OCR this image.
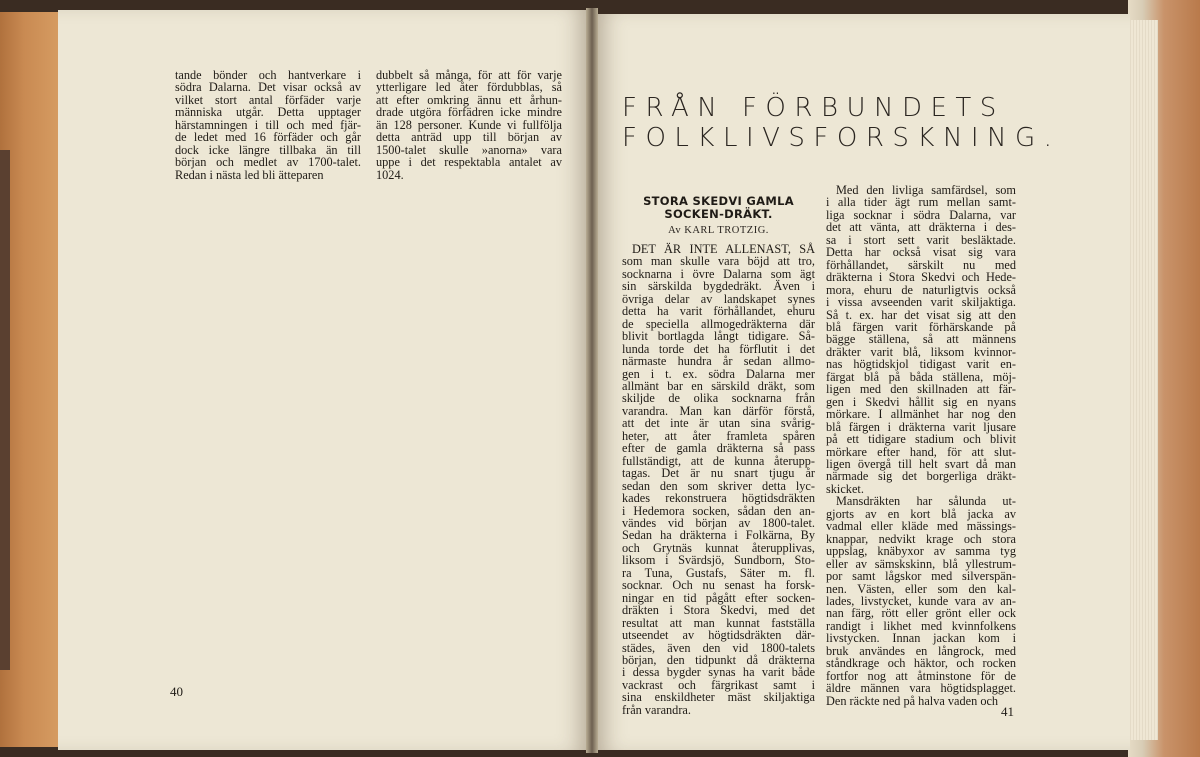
tande bönder och hantverkare i
södra Dalarna. Det visar också av
vilket stort antal förfäder varje
människa utgår. Detta upptager
härstamningen i till och med fjär-
de ledet med 16 förfäder och går
dock icke längre tillbaka än till
början och medlet av 1700-talet.
Redan i nästa led bli ätteparen
dubbelt så många, för att för varje
ytterligare led åter fördubblas, så
att efter omkring ännu ett århun-
drade utgöra förfädren icke mindre
än 128 personer. Kunde vi fullfölja
detta anträd upp till början av
1500-talet skulle »anorna» vara
uppe i det respektabla antalet av
1024.
40
FRÅN FÖRBUNDETS
FOLKLIVSFORSKNING.
STORA SKEDVI GAMLA SOCKEN-DRÄKT.
Av KARL TROTZIG.
DET ÄR INTE ALLENAST, SÅ
som man skulle vara böjd att tro,
socknarna i övre Dalarna som ägt
sin särskilda bygdedräkt. Även i
övriga delar av landskapet synes
detta ha varit förhållandet, ehuru
de speciella allmogedräkterna där
blivit bortlagda långt tidigare. Så-
lunda torde det ha förflutit i det
närmaste hundra år sedan allmo-
gen i t. ex. södra Dalarna mer
allmänt bar en särskild dräkt, som
skiljde de olika socknarna från
varandra. Man kan därför förstå,
att det inte är utan sina svårig-
heter, att åter framleta spåren
efter de gamla dräkterna så pass
fullständigt, att de kunna återupp-
tagas. Det är nu snart tjugu år
sedan den som skriver detta lyc-
kades rekonstruera högtidsdräkten
i Hedemora socken, sådan den an-
vändes vid början av 1800-talet.
Sedan ha dräkterna i Folkärna, By
och Grytnäs kunnat återupplivas,
liksom i Svärdsjö, Sundborn, Sto-
ra Tuna, Gustafs, Säter m. fl.
socknar. Och nu senast ha forsk-
ningar en tid pågått efter socken-
dräkten i Stora Skedvi, med det
resultat att man kunnat fastställa
utseendet av högtidsdräkten där-
städes, även den vid 1800-talets
början, den tidpunkt då dräkterna
i dessa bygder synas ha varit både
vackrast och färgrikast samt i
sina enskildheter mäst skiljaktiga
från varandra.
Med den livliga samfärdsel, som
i alla tider ägt rum mellan samt-
liga socknar i södra Dalarna, var
det att vänta, att dräkterna i des-
sa i stort sett varit besläktade.
Detta har också visat sig vara
förhållandet, särskilt nu med
dräkterna i Stora Skedvi och Hede-
mora, ehuru de naturligtvis också
i vissa avseenden varit skiljaktiga.
Så t. ex. har det visat sig att den
blå färgen varit förhärskande på
bägge ställena, så att männens
dräkter varit blå, liksom kvinnor-
nas högtidskjol tidigast varit en-
färgat blå på båda ställena, möj-
ligen med den skillnaden att fär-
gen i Skedvi hållit sig en nyans
mörkare. I allmänhet har nog den
blå färgen i dräkterna varit ljusare
på ett tidigare stadium och blivit
mörkare efter hand, för att slut-
ligen övergå till helt svart då man
närmade sig det borgerliga dräkt-
skicket.
Mansdräkten har sålunda ut-
gjorts av en kort blå jacka av
vadmal eller kläde med mässings-
knappar, nedvikt krage och stora
uppslag, knäbyxor av samma tyg
eller av sämskskinn, blå yllestrum-
por samt lågskor med silverspän-
nen. Västen, eller som den kal-
lades, livstycket, kunde vara av an-
nan färg, rött eller grönt eller ock
randigt i likhet med kvinnfolkens
livstycken. Innan jackan kom i
bruk användes en långrock, med
ståndkrage och häktor, och rocken
fortfor nog att åtminstone för de
äldre männen vara högtidsplagget.
Den räckte ned på halva vaden och
41
